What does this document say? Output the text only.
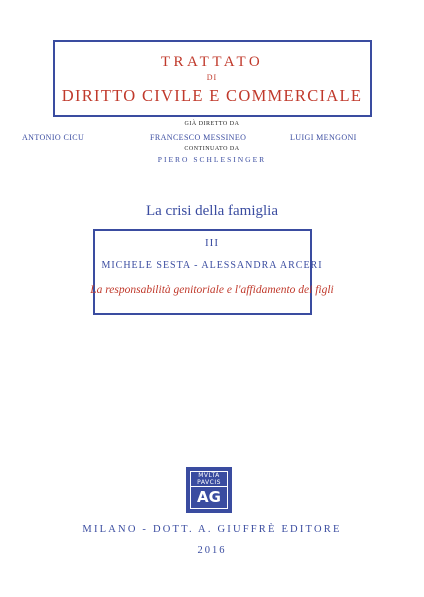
TRATTATO
DI
DIRITTO CIVILE E COMMERCIALE
GIÀ DIRETTO DA
ANTONIO CICU	FRANCESCO MESSINEO	LUIGI MENGONI
CONTINUATO DA
PIERO SCHLESINGER
La crisi della famiglia
III
MICHELE SESTA - ALESSANDRA ARCERI
La responsabilità genitoriale e l'affidamento dei figli
MVLTA
PAVCIS
AG
MILANO - DOTT. A. GIUFFRÈ EDITORE
2016
